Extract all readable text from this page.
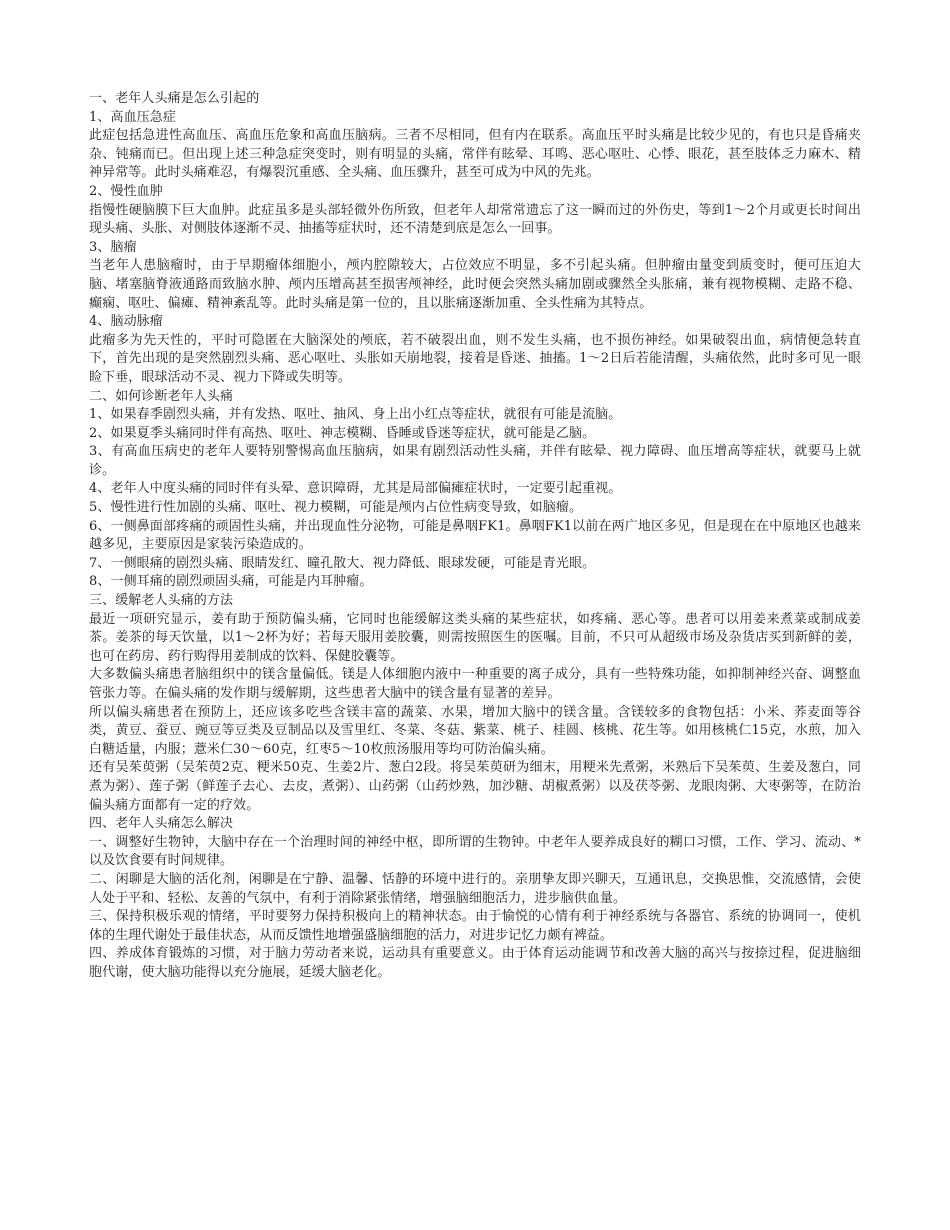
一、老年人头痛是怎么引起的

1、高血压急症

此症包括急进性高血压、高血压危象和高血压脑病。三者不尽相同，但有内在联系。高血压平时头痛是比较少见的，有也只是昏痛夹杂、钝痛而已。但出现上述三种急症突变时，则有明显的头痛，常伴有眩晕、耳鸣、恶心呕吐、心悸、眼花，甚至肢体乏力麻木、精神异常等。此时头痛难忍，有爆裂沉重感、全头痛、血压骤升，甚至可成为中风的先兆。

2、慢性血肿

指慢性硬脑膜下巨大血肿。此症虽多是头部轻微外伤所致，但老年人却常常遗忘了这一瞬而过的外伤史，等到1～2个月或更长时间出现头痛、头胀、对侧肢体逐渐不灵、抽搐等症状时，还不清楚到底是怎么一回事。

3、脑瘤

当老年人患脑瘤时，由于早期瘤体细胞小，颅内腔隙较大，占位效应不明显，多不引起头痛。但肿瘤由量变到质变时，便可压迫大脑、堵塞脑脊液通路而致脑水肿、颅内压增高甚至损害颅神经，此时便会突然头痛加剧或骤然全头胀痛，兼有视物模糊、走路不稳、癫痫、呕吐、偏瘫、精神紊乱等。此时头痛是第一位的，且以胀痛逐渐加重、全头性痛为其特点。

4、脑动脉瘤

此瘤多为先天性的，平时可隐匿在大脑深处的颅底，若不破裂出血，则不发生头痛，也不损伤神经。如果破裂出血，病情便急转直下，首先出现的是突然剧烈头痛、恶心呕吐、头胀如天崩地裂，接着是昏迷、抽搐。1～2日后若能清醒，头痛依然，此时多可见一眼睑下垂，眼球活动不灵、视力下降或失明等。

二、如何诊断老年人头痛

1、如果春季剧烈头痛，并有发热、呕吐、抽风、身上出小红点等症状，就很有可能是流脑。

2、如果夏季头痛同时伴有高热、呕吐、神志模糊、昏睡或昏迷等症状，就可能是乙脑。

3、有高血压病史的老年人要特别警惕高血压脑病，如果有剧烈活动性头痛，并伴有眩晕、视力障碍、血压增高等症状，就要马上就诊。

4、老年人中度头痛的同时伴有头晕、意识障碍，尤其是局部偏瘫症状时，一定要引起重视。

5、慢性进行性加剧的头痛、呕吐、视力模糊，可能是颅内占位性病变导致，如脑瘤。

6、一侧鼻面部疼痛的顽固性头痛，并出现血性分泌物，可能是鼻咽FK1。鼻咽FK1以前在两广地区多见，但是现在在中原地区也越来越多见，主要原因是家装污染造成的。

7、一侧眼痛的剧烈头痛、眼睛发红、瞳孔散大、视力降低、眼球发硬，可能是青光眼。

8、一侧耳痛的剧烈顽固头痛，可能是内耳肿瘤。

三、缓解老人头痛的方法

最近一项研究显示，姜有助于预防偏头痛，它同时也能缓解这类头痛的某些症状，如疼痛、恶心等。患者可以用姜来煮菜或制成姜茶。姜茶的每天饮量，以1～2杯为好；若每天服用姜胶囊，则需按照医生的医嘱。目前，不只可从超级市场及杂货店买到新鲜的姜，也可在药房、药行购得用姜制成的饮料、保健胶囊等。

大多数偏头痛患者脑组织中的镁含量偏低。镁是人体细胞内液中一种重要的离子成分，具有一些特殊功能，如抑制神经兴奋、调整血管张力等。在偏头痛的发作期与缓解期，这些患者大脑中的镁含量有显著的差异。

所以偏头痛患者在预防上，还应该多吃些含镁丰富的蔬菜、水果，增加大脑中的镁含量。含镁较多的食物包括：小米、荞麦面等谷类，黄豆、蚕豆、豌豆等豆类及豆制品以及雪里红、冬菜、冬菇、紫菜、桃子、桂圆、核桃、花生等。如用核桃仁15克，水煎，加入白糖适量，内服；薏米仁30～60克，红枣5～10枚煎汤服用等均可防治偏头痛。

还有吴茱萸粥（吴茱萸2克、粳米50克、生姜2片、葱白2段。将吴茱萸研为细末，用粳米先煮粥，米熟后下吴茱萸、生姜及葱白，同煮为粥）、莲子粥（鲜莲子去心、去皮，煮粥）、山药粥（山药炒熟，加沙糖、胡椒煮粥）以及茯苓粥、龙眼肉粥、大枣粥等，在防治偏头痛方面都有一定的疗效。

四、老年人头痛怎么解决

一、调整好生物钟，大脑中存在一个治理时间的神经中枢，即所谓的生物钟。中老年人要养成良好的糊口习惯，工作、学习、流动、*以及饮食要有时间规律。

二、闲聊是大脑的活化剂，闲聊是在宁静、温馨、恬静的环境中进行的。亲朋挚友即兴聊天，互通讯息，交换思惟，交流感情，会使人处于平和、轻松、友善的气氛中，有利于消除紧张情绪，增强脑细胞活力，进步脑供血量。

三、保持积极乐观的情绪，平时要努力保持积极向上的精神状态。由于愉悦的心情有利于神经系统与各器官、系统的协调同一，使机体的生理代谢处于最佳状态，从而反馈性地增强盛脑细胞的活力，对进步记忆力颇有裨益。

四、养成体育锻炼的习惯，对于脑力劳动者来说，运动具有重要意义。由于体育运动能调节和改善大脑的高兴与按捺过程，促进脑细胞代谢，使大脑功能得以充分施展，延缓大脑老化。
